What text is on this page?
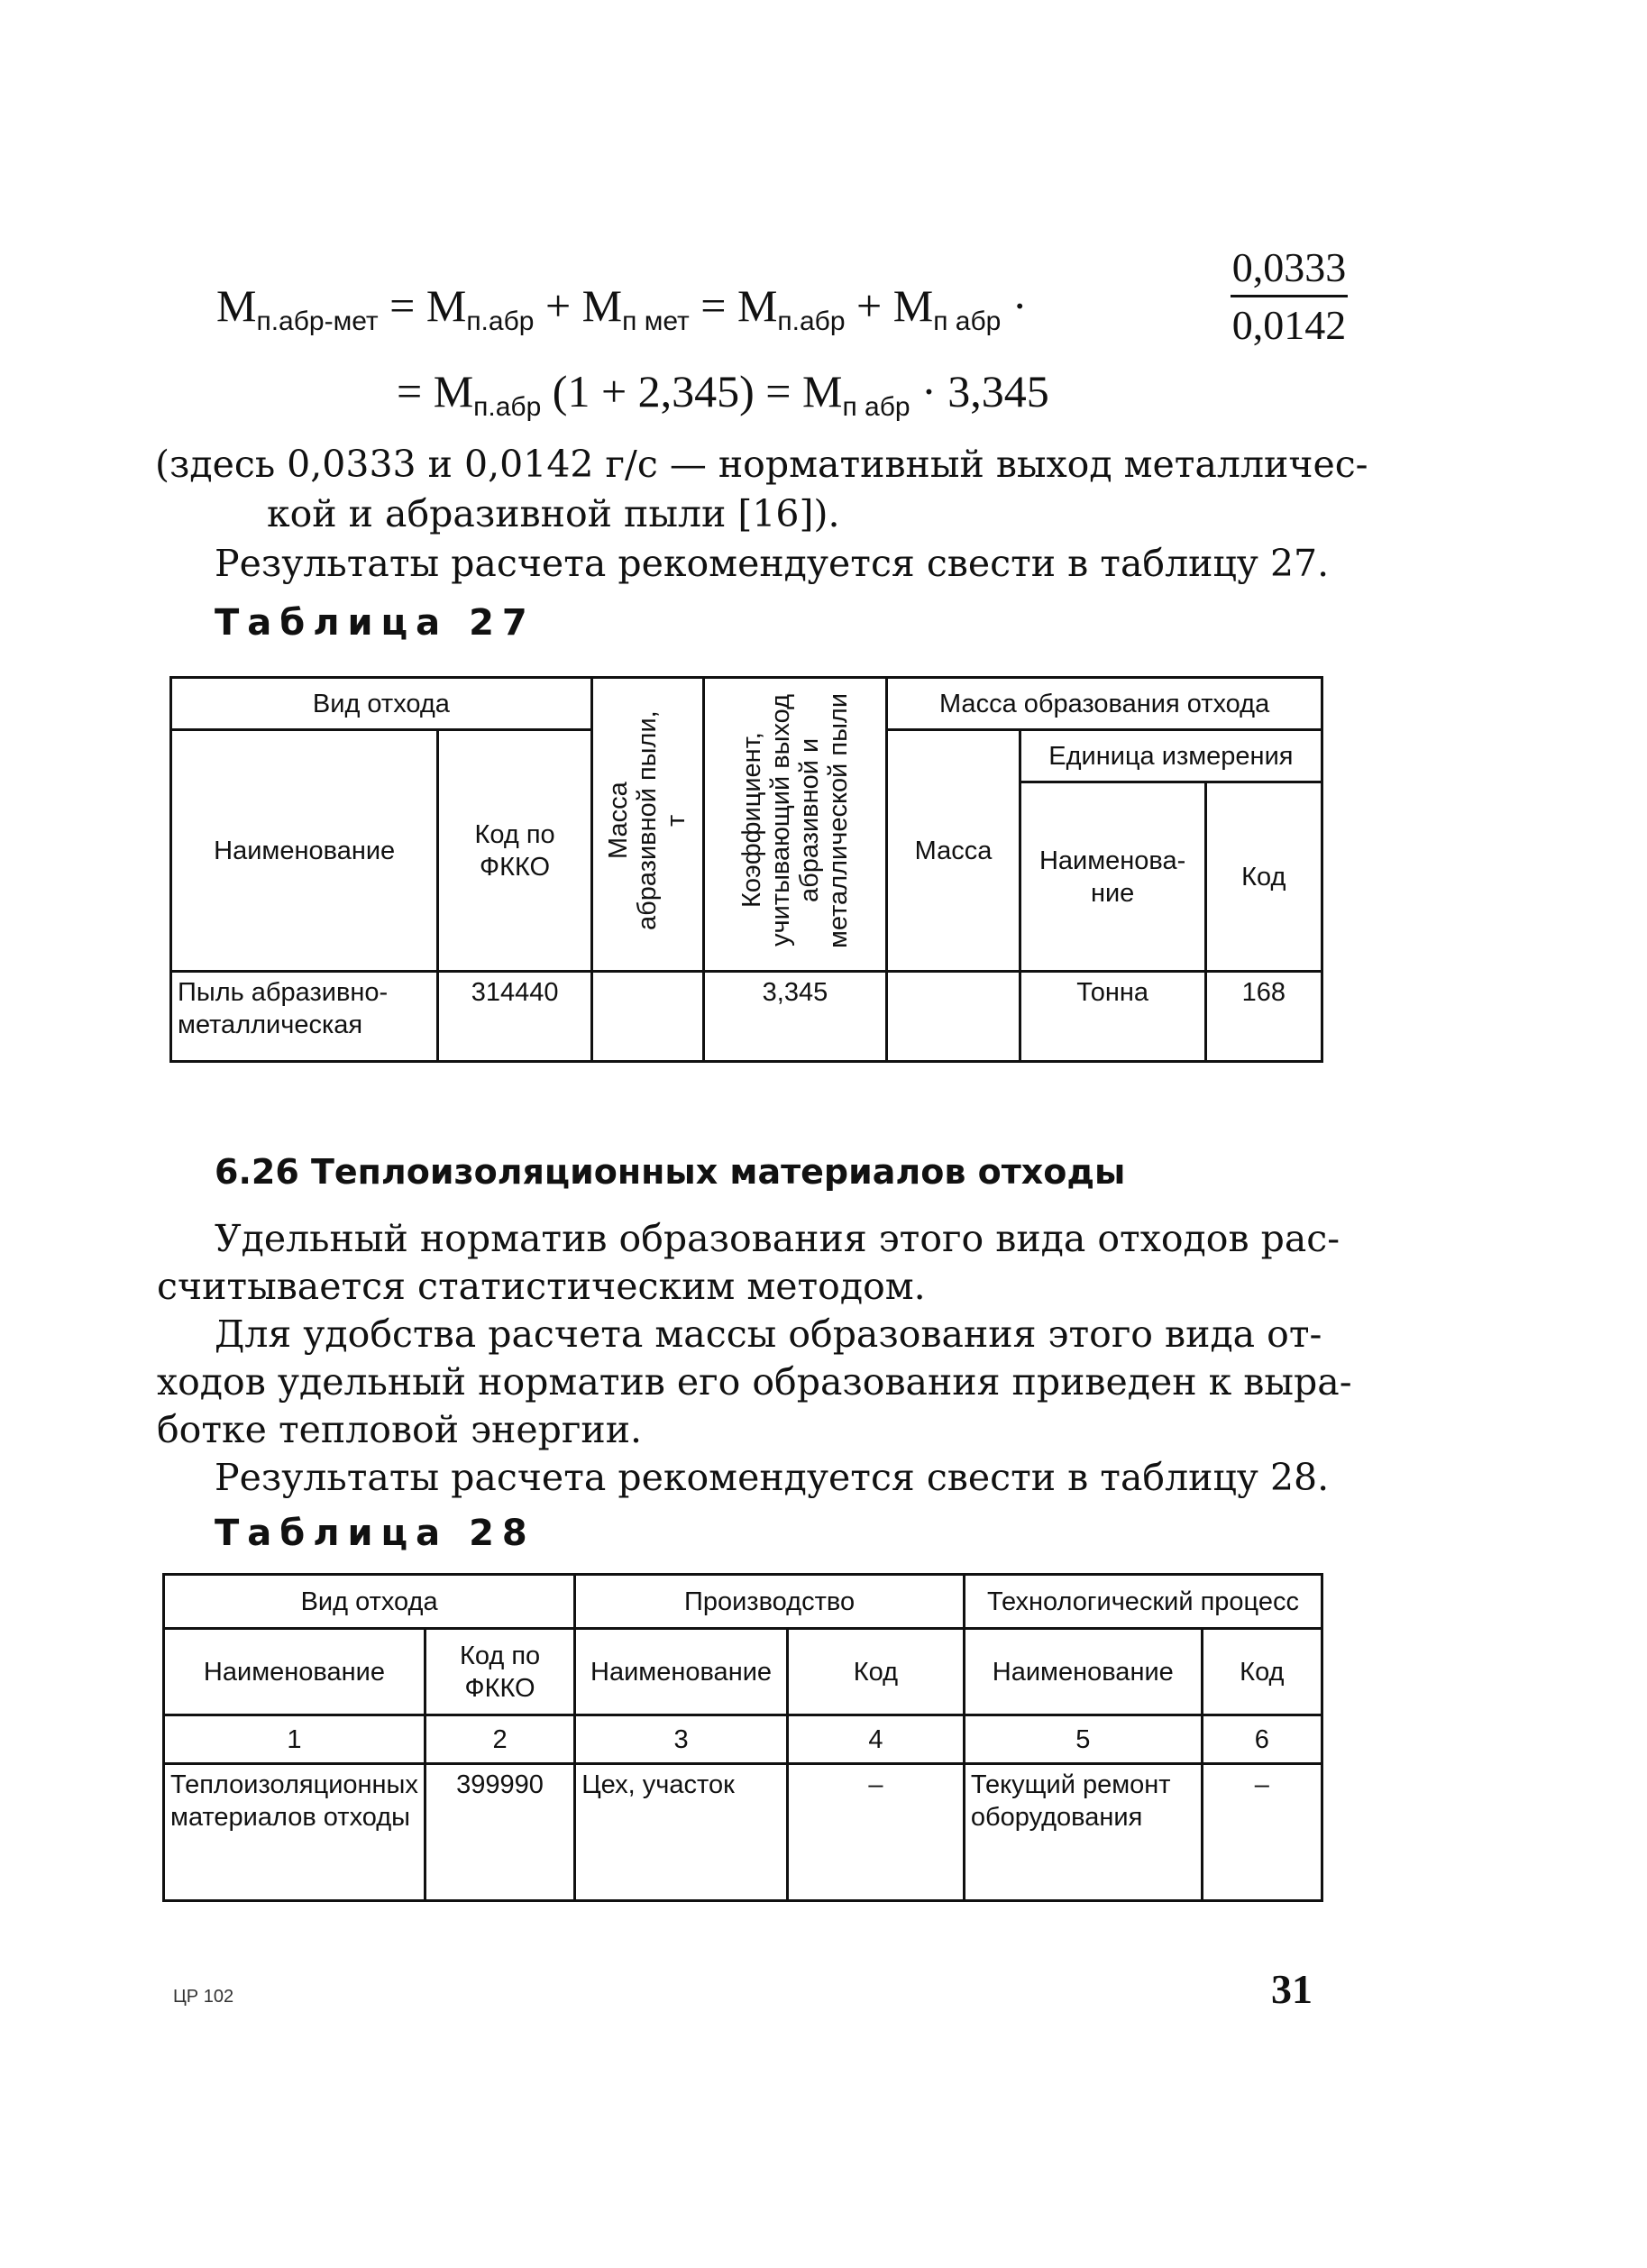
$M_{п.абр-мет} = M_{п.абр} + M_{п мет} = M_{п.абр} + M_{п абр}$ ·	$\frac{0,0333}{0,0142}$
= $M_{п.абр}$ $(1 + 2,345) = M_{п абр} \cdot 3,345$
(здесь 0,0333 и 0,0142 г/с — нормативный выход металличес-
кой и абразивной пыли [16]).
Результаты расчета рекомендуется свести в таблицу 27.
Таблица 27
Вид отхода		Масса абразивной пыли, т	Коэффициент, учитывающий выход абразивной и металлической пыли	Масса образования отхода		
Наименование	Код по ФККО			Масса	Единица измерения	
					Наименова-ние	Код
Пыль абразивно-металлическая	314440		3,345		Тонна	168
6.26 Теплоизоляционных материалов отходы
Удельный норматив образования этого вида отходов рас-
считывается статистическим методом.
Для удобства расчета массы образования этого вида от-
ходов удельный норматив его образования приведен к выра-
ботке тепловой энергии.
Результаты расчета рекомендуется свести в таблицу 28.
Таблица 28
Вид отхода		Производство		Технологический процесс	
Наименование	Код по ФККО	Наименование	Код	Наименование	Код
1	2	3	4	5	6
Теплоизоляционных материалов отходы	399990	Цех, участок	–	Текущий ремонт оборудования	–
ЦР 102	31
